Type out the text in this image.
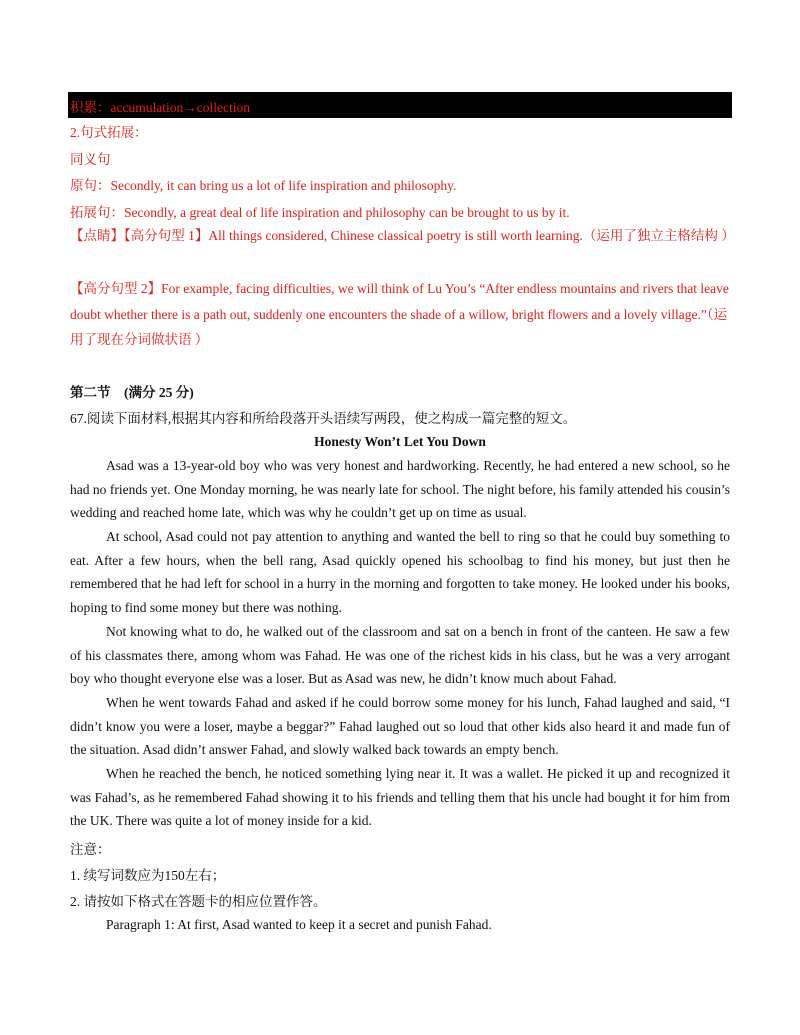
积累：accumulation→collection
2.句式拓展：
同义句
原句：Secondly, it can bring us a lot of life inspiration and philosophy.
拓展句：Secondly, a great deal of life inspiration and philosophy can be brought to us by it.
【点睛】【高分句型 1】All things considered, Chinese classical poetry is still worth learning.（运用了独立主格结构 ）
【高分句型 2】For example, facing difficulties, we will think of Lu You’s “After endless mountains and rivers that leave doubt whether there is a path out, suddenly one encounters the shade of a willow, bright flowers and a lovely village.”（运用了现在分词做状语 ）
第二节　(满分 25 分)
67.阅读下面材料,根据其内容和所给段落开头语续写两段，使之构成一篇完整的短文。
Honesty Won’t Let You Down
Asad was a 13-year-old boy who was very honest and hardworking. Recently, he had entered a new school, so he had no friends yet. One Monday morning, he was nearly late for school. The night before, his family attended his cousin’s wedding and reached home late, which was why he couldn’t get up on time as usual.
At school, Asad could not pay attention to anything and wanted the bell to ring so that he could buy something to eat. After a few hours, when the bell rang, Asad quickly opened his schoolbag to find his money, but just then he remembered that he had left for school in a hurry in the morning and forgotten to take money. He looked under his books, hoping to find some money but there was nothing.
Not knowing what to do, he walked out of the classroom and sat on a bench in front of the canteen. He saw a few of his classmates there, among whom was Fahad. He was one of the richest kids in his class, but he was a very arrogant boy who thought everyone else was a loser. But as Asad was new, he didn’t know much about Fahad.
When he went towards Fahad and asked if he could borrow some money for his lunch, Fahad laughed and said, “I didn’t know you were a loser, maybe a beggar?” Fahad laughed out so loud that other kids also heard it and made fun of the situation. Asad didn’t answer Fahad, and slowly walked back towards an empty bench.
When he reached the bench, he noticed something lying near it. It was a wallet. He picked it up and recognized it was Fahad’s, as he remembered Fahad showing it to his friends and telling them that his uncle had bought it for him from the UK. There was quite a lot of money inside for a kid.
注意：
1. 续写词数应为150左右；
2. 请按如下格式在答题卡的相应位置作答。
Paragraph 1: At first, Asad wanted to keep it a secret and punish Fahad.
